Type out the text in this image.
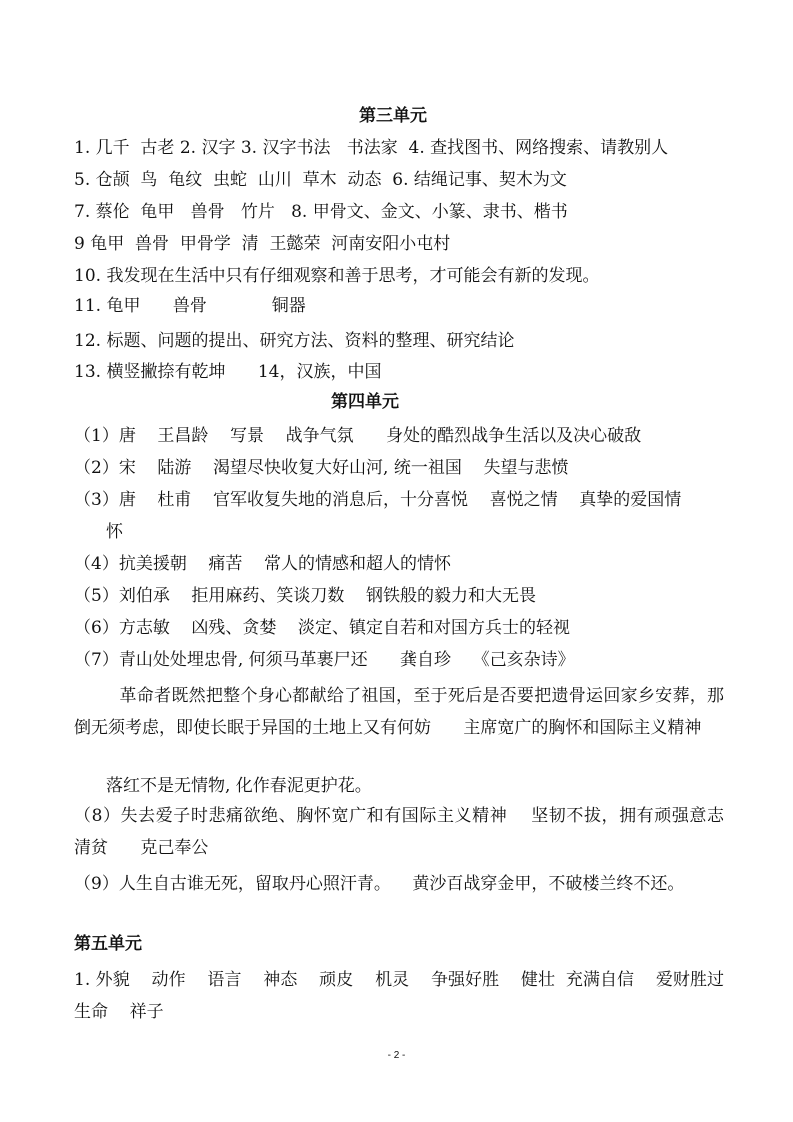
第三单元
1. 几千  古老 2. 汉字 3. 汉字书法   书法家  4. 查找图书、网络搜索、请教别人
5. 仓颉  鸟  龟纹  虫蛇  山川  草木  动态  6. 结绳记事、契木为文
7. 蔡伦  龟甲   兽骨   竹片   8. 甲骨文、金文、小篆、隶书、楷书
9 龟甲  兽骨  甲骨学  清  王懿荣  河南安阳小屯村
10. 我发现在生活中只有仔细观察和善于思考，才可能会有新的发现。
11. 龟甲      兽骨            铜器
12. 标题、问题的提出、研究方法、资料的整理、研究结论
13. 横竖撇捺有乾坤      14，汉族，中国
第四单元
（1）唐    王昌龄    写景    战争气氛      身处的酷烈战争生活以及决心破敌
（2）宋    陆游    渴望尽快收复大好山河, 统一祖国    失望与悲愤
（3）唐    杜甫    官军收复失地的消息后，十分喜悦    喜悦之情    真挚的爱国情
怀
（4）抗美援朝    痛苦    常人的情感和超人的情怀
（5）刘伯承    拒用麻药、笑谈刀数    钢铁般的毅力和大无畏
（6）方志敏    凶残、贪婪    淡定、镇定自若和对国方兵士的轻视
（7）青山处处埋忠骨, 何须马革裹尸还      龚自珍    《己亥杂诗》
革命者既然把整个身心都献给了祖国，至于死后是否要把遗骨运回家乡安葬，那倒无须考虑，即使长眠于异国的土地上又有何妨      主席宽广的胸怀和国际主义精神
落红不是无情物, 化作春泥更护花。
（8）失去爱子时悲痛欲绝、胸怀宽广和有国际主义精神    坚韧不拔，拥有顽强意志      清贫      克己奉公
（9）人生自古谁无死，留取丹心照汗青。    黄沙百战穿金甲，不破楼兰终不还。
第五单元
1. 外貌    动作    语言    神态    顽皮    机灵    争强好胜    健壮  充满自信    爱财胜过生命    祥子
- 2 -
